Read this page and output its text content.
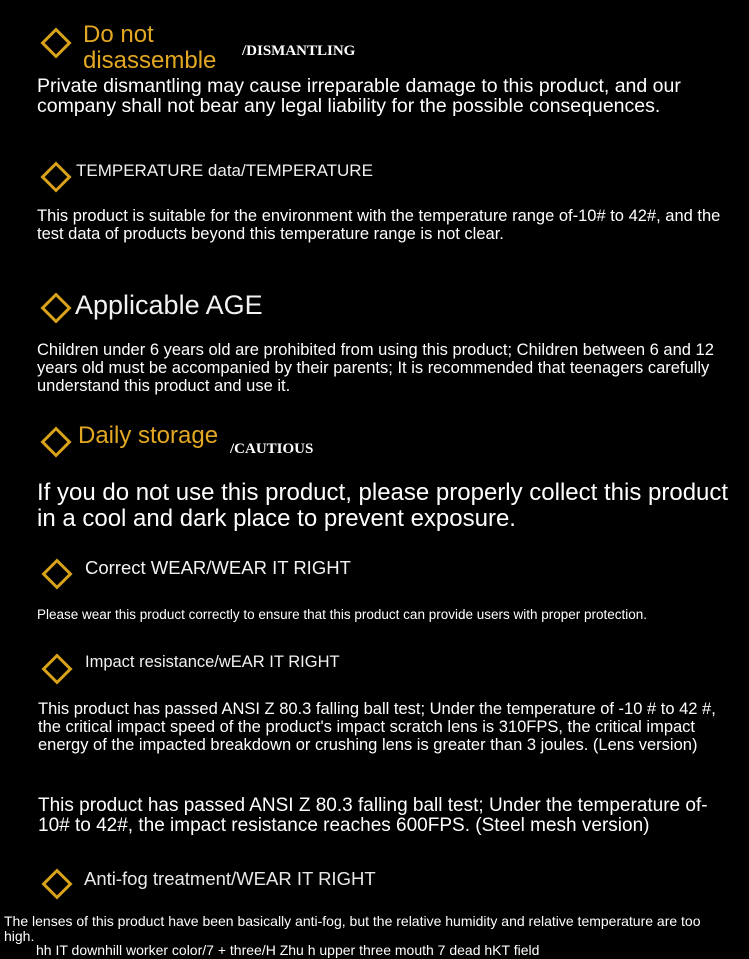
Do not
disassemble /DISMANTLING
Private dismantling may cause irreparable damage to this product, and our company shall not bear any legal liability for the possible consequences.
TEMPERATURE data/TEMPERATURE
This product is suitable for the environment with the temperature range of-10# to 42#, and the test data of products beyond this temperature range is not clear.
Applicable AGE
Children under 6 years old are prohibited from using this product; Children between 6 and 12 years old must be accompanied by their parents; It is recommended that teenagers carefully understand this product and use it.
Daily storage /CAUTIOUS
If you do not use this product, please properly collect this product in a cool and dark place to prevent exposure.
Correct WEAR/WEAR IT RIGHT
Please wear this product correctly to ensure that this product can provide users with proper protection.
Impact resistance/wEAR IT RIGHT
This product has passed ANSI Z 80.3 falling ball test; Under the temperature of -10 # to 42 #, the critical impact speed of the product's impact scratch lens is 310FPS, the critical impact energy of the impacted breakdown or crushing lens is greater than 3 joules. (Lens version)
This product has passed ANSI Z 80.3 falling ball test; Under the temperature of-10# to 42#, the impact resistance reaches 600FPS. (Steel mesh version)
Anti-fog treatment/WEAR IT RIGHT
The lenses of this product have been basically anti-fog, but the relative humidity and relative temperature are too high.
hh IT downhill worker color/7 + three/H Zhu h upper three mouth 7 dead hKT field
